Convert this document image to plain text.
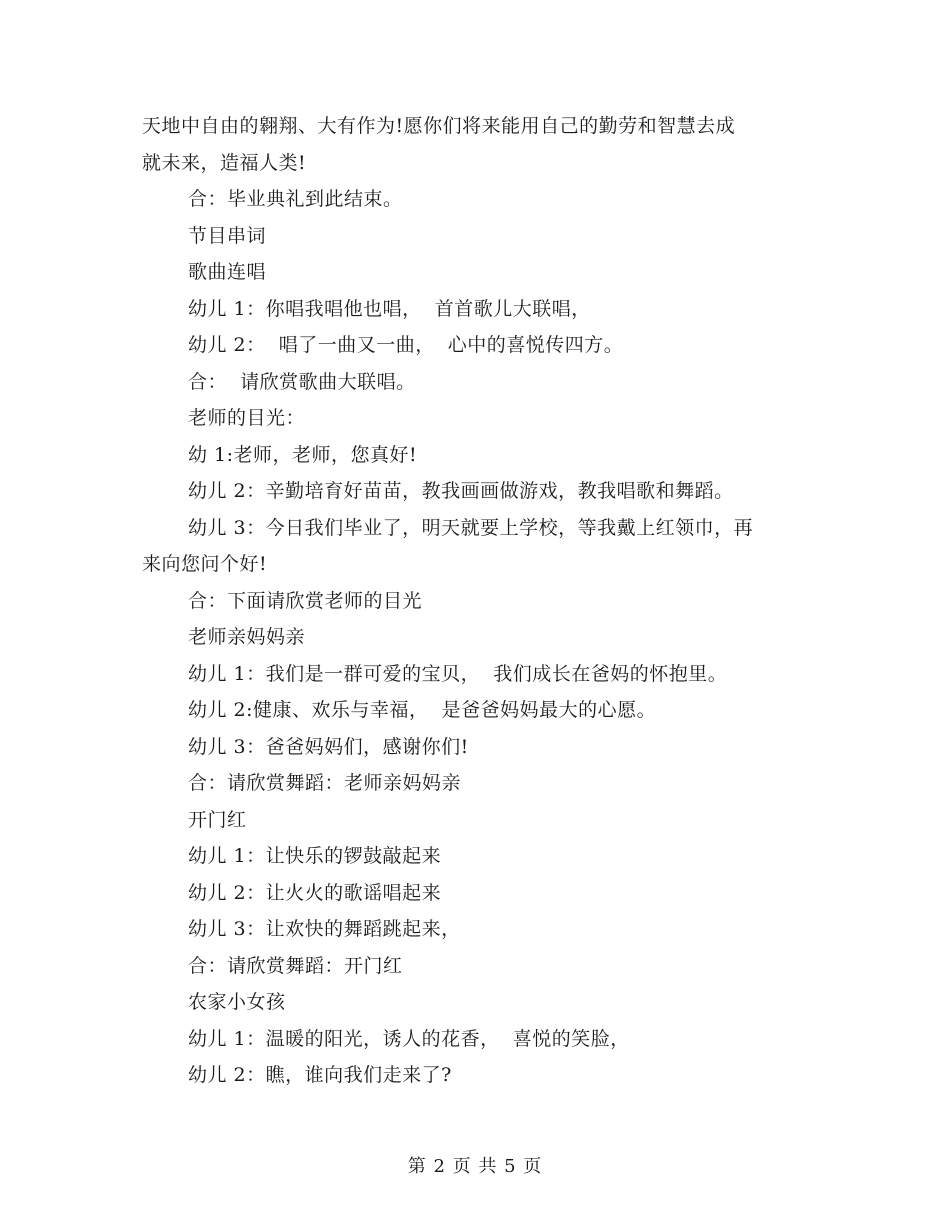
天地中自由的翱翔、大有作为!愿你们将来能用自己的勤劳和智慧去成
就未来，造福人类!
合：毕业典礼到此结束。
节目串词
歌曲连唱
幼儿 1：你唱我唱他也唱，  首首歌儿大联唱，
幼儿 2：  唱了一曲又一曲，  心中的喜悦传四方。
合：  请欣赏歌曲大联唱。
老师的目光：
幼 1:老师，老师，您真好!
幼儿 2：辛勤培育好苗苗，教我画画做游戏，教我唱歌和舞蹈。
幼儿 3：今日我们毕业了，明天就要上学校，等我戴上红领巾，再
来向您问个好!
合：下面请欣赏老师的目光
老师亲妈妈亲
幼儿 1：我们是一群可爱的宝贝，  我们成长在爸妈的怀抱里。
幼儿 2:健康、欢乐与幸福，  是爸爸妈妈最大的心愿。
幼儿 3：爸爸妈妈们，感谢你们!
合：请欣赏舞蹈：老师亲妈妈亲
开门红
幼儿 1：让快乐的锣鼓敲起来
幼儿 2：让火火的歌谣唱起来
幼儿 3：让欢快的舞蹈跳起来，
合：请欣赏舞蹈：开门红
农家小女孩
幼儿 1：温暖的阳光，诱人的花香，  喜悦的笑脸，
幼儿 2：瞧，谁向我们走来了?
第 2 页 共 5 页
